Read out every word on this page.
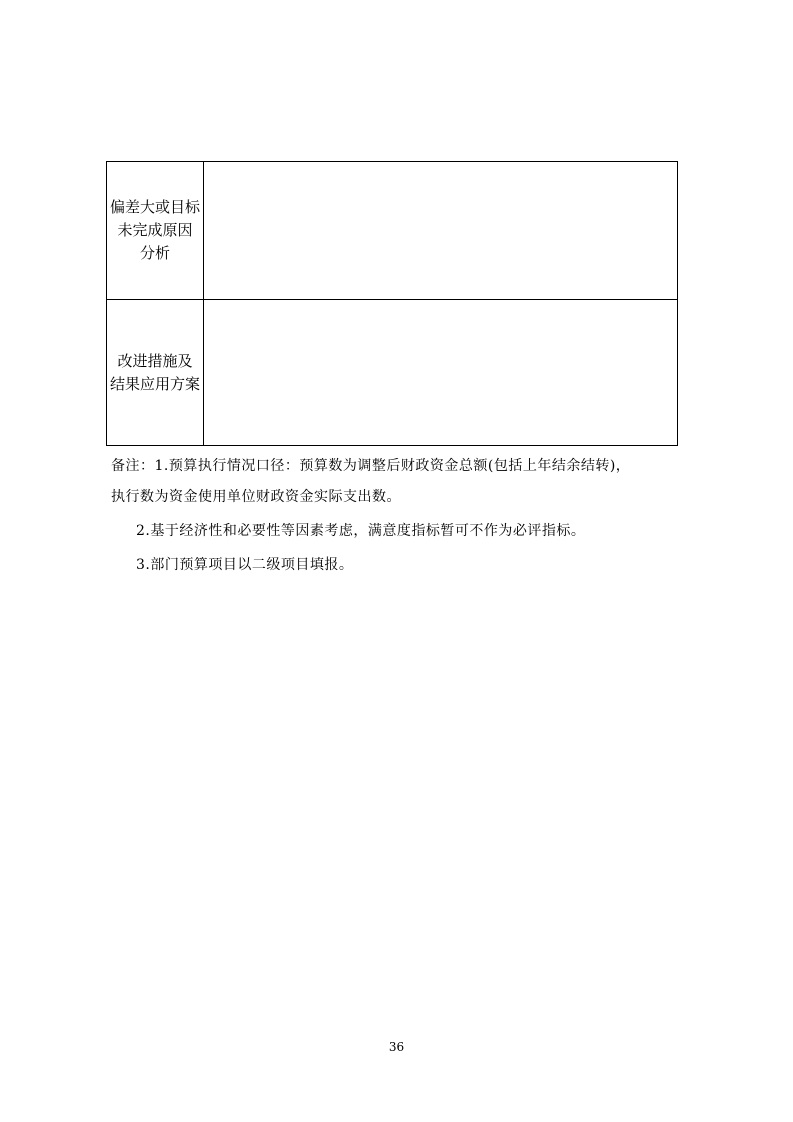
偏差大或目标
未完成原因
分析	

改进措施及
结果应用方案	

备注：1.预算执行情况口径：预算数为调整后财政资金总额(包括上年结余结转)，
执行数为资金使用单位财政资金实际支出数。
2.基于经济性和必要性等因素考虑，满意度指标暂可不作为必评指标。
3.部门预算项目以二级项目填报。
36
